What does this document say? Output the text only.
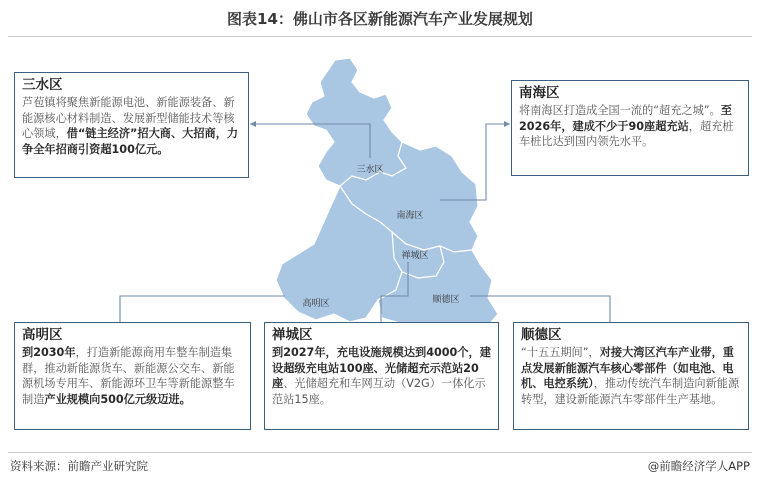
图表14：佛山市各区新能源汽车产业发展规划
三水区
南海区
禅城区
高明区	顺德区
三水区

芦苞镇将聚焦新能源电池、新能源装备、新能源核心材料制造、发展新型储能技术等核心领域，借“链主经济”招大商、大招商，力争全年招商引资超100亿元。

南海区

将南海区打造成全国一流的“超充之城”。至2026年，建成不少于90座超充站，超充桩车桩比达到国内领先水平。

高明区

到2030年，打造新能源商用车整车制造集群，推动新能源货车、新能源公交车、新能源机场专用车、新能源环卫车等新能源整车制造产业规模向500亿元级迈进。

禅城区

到2027年，充电设施规模达到4000个，建设超级充电站100座、光储超充示范站20座、光储超充和车网互动（V2G）一体化示范站15座。

顺德区

“十五五期间”，对接大湾区汽车产业带，重点发展新能源汽车核心零部件（如电池、电机、电控系统），推动传统汽车制造向新能源转型，建设新能源汽车零部件生产基地。

资料来源：前瞻产业研究院	@前瞻经济学人APP
